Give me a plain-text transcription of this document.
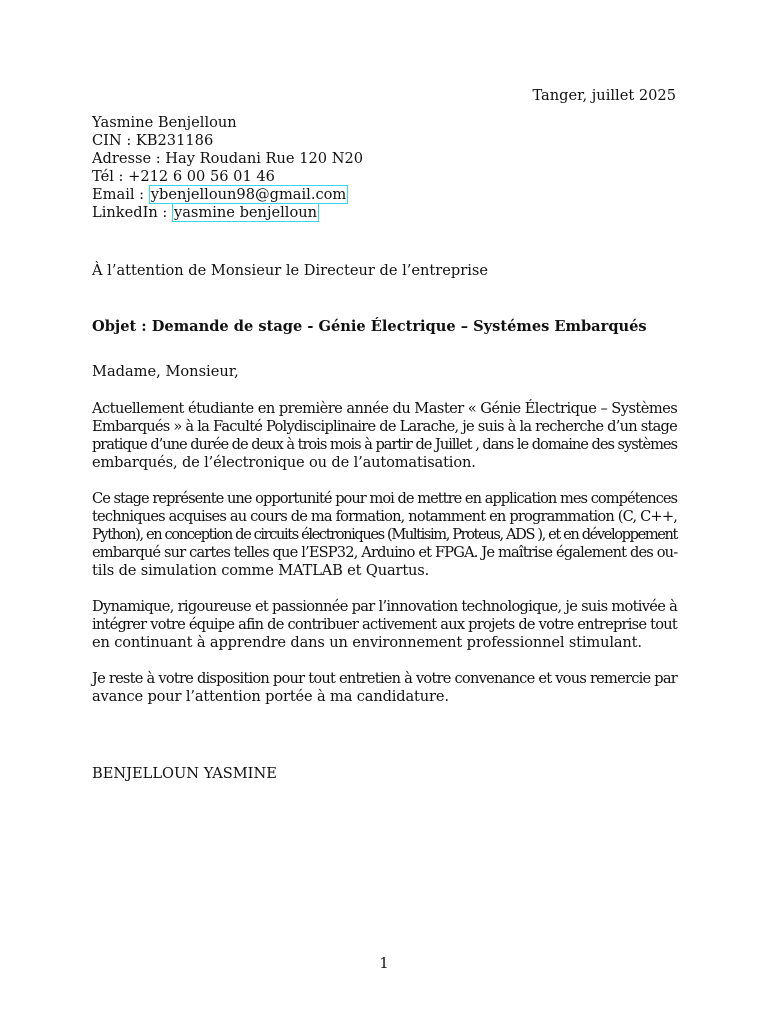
Tanger, juillet 2025
Yasmine Benjelloun
CIN : KB231186
Adresse : Hay Roudani Rue 120 N20
Tél : +212 6 00 56 01 46
Email : ybenjelloun98@gmail.com
LinkedIn : yasmine benjelloun
À l’attention de Monsieur le Directeur de l’entreprise
Objet : Demande de stage - Génie Électrique – Systémes Embarqués
Madame, Monsieur,

Actuellement étudiante en première année du Master « Génie Électrique – Systèmes
Embarqués » à la Faculté Polydisciplinaire de Larache, je suis à la recherche d’un stage
pratique d’une durée de deux à trois mois à partir de Juillet , dans le domaine des systèmes
embarqués, de l’électronique ou de l’automatisation.

Ce stage représente une opportunité pour moi de mettre en application mes compétences
techniques acquises au cours de ma formation, notamment en programmation (C, C++,
Python), en conception de circuits électroniques (Multisim, Proteus, ADS ), et en développement
embarqué sur cartes telles que l’ESP32, Arduino et FPGA. Je maîtrise également des ou-
tils de simulation comme MATLAB et Quartus.

Dynamique, rigoureuse et passionnée par l’innovation technologique, je suis motivée à
intégrer votre équipe afin de contribuer activement aux projets de votre entreprise tout
en continuant à apprendre dans un environnement professionnel stimulant.

Je reste à votre disposition pour tout entretien à votre convenance et vous remercie par
avance pour l’attention portée à ma candidature.

BENJELLOUN YASMINE
1
